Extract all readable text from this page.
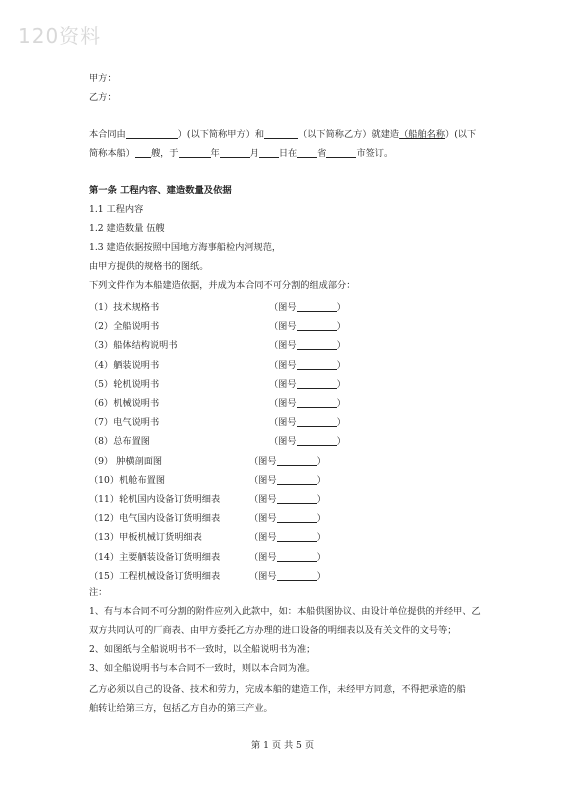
120资料
甲方：
乙方：
本合同由	）(以下简称甲方）和	（以下简称乙方）就建造（船舶名称）(以下
简称本船） 艘，于	年	月 日在 省	市签订。
第一条 工程内容、建造数量及依据
1.1 工程内容
1.2 建造数量 伍艘
1.3 建造依据按照中国地方海事船检内河规范，
由甲方提供的规格书的图纸。
下列文件作为本船建造依据，并成为本合同不可分割的组成部分：
（1）技术规格书	（图号	）
（2）全船说明书	（图号	）
（3）船体结构说明书	（图号	）
（4）舾装说明书	（图号	）
（5）轮机说明书	（图号	）
（6）机械说明书	（图号	）
（7）电气说明书	（图号	）
（8）总布置图	（图号	）
（9） 肿横剖面图	（图号	）
（10）机舱布置图	（图号	）
（11）轮机国内设备订货明细表	（图号	）
（12）电气国内设备订货明细表	（图号	）
（13）甲板机械订货明细表	（图号	）
（14）主要舾装设备订货明细表	（图号	）
（15）工程机械设备订货明细表	（图号	）
注：
1、有与本合同不可分割的附件应列入此款中，如：本船供图协议、由设计单位提供的并经甲、乙
双方共同认可的厂商表、由甲方委托乙方办理的进口设备的明细表以及有关文件的文号等；
2、如图纸与全船说明书不一致时，以全船说明书为准；
3、如全船说明书与本合同不一致时，则以本合同为准。
乙方必须以自己的设备、技术和劳力，完成本船的建造工作，未经甲方同意，不得把承造的船
舶转让给第三方，包括乙方自办的第三产业。
第 1 页 共 5 页
